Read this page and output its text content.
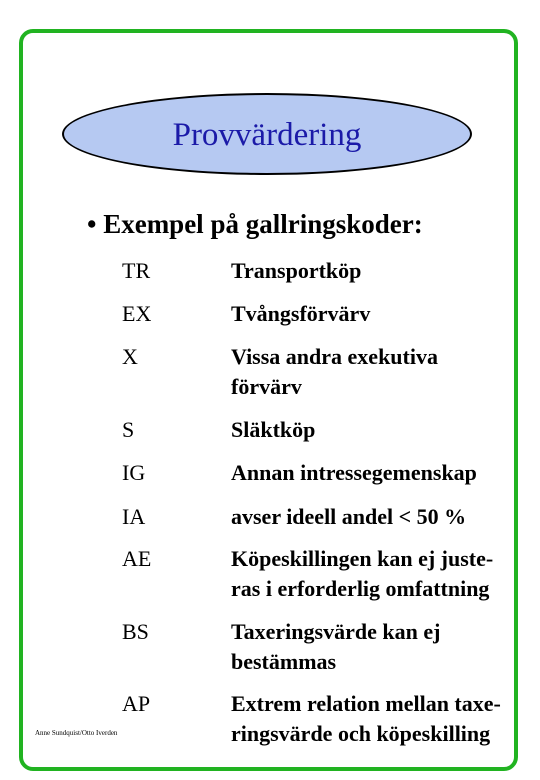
Provvärdering

• Exempel på gallringskoder:

TR	Transportköp
EX	Tvångsförvärv
X	Vissa andra exekutiva
förvärv
S	Släktköp
IG	Annan intressegemenskap
IA	avser ideell andel < 50 %
AE	Köpeskillingen kan ej juste-
ras i erforderlig omfattning
BS	Taxeringsvärde kan ej
bestämmas
AP	Extrem relation mellan taxe-
ringsvärde och köpeskilling
Anne Sundquist/Otto Iverden
